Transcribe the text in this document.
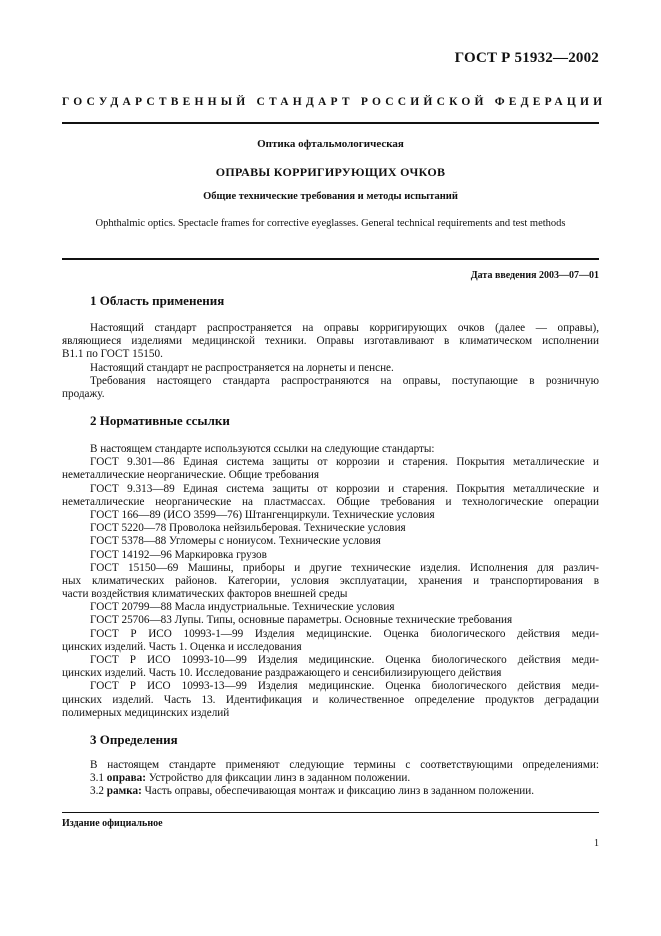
ГОСТ Р 51932—2002
ГОСУДАРСТВЕННЫЙ СТАНДАРТ РОССИЙСКОЙ ФЕДЕРАЦИИ
Оптика офтальмологическая
ОПРАВЫ КОРРИГИРУЮЩИХ ОЧКОВ
Общие технические требования и методы испытаний
Ophthalmic optics. Spectacle frames for corrective eyeglasses. General technical requirements and test methods
Дата введения 2003—07—01
1 Область применения
Настоящий стандарт распространяется на оправы корригирующих очков (далее — оправы),
являющиеся изделиями медицинской техники. Оправы изготавливают в климатическом исполнении
В1.1 по ГОСТ 15150.
Настоящий стандарт не распространяется на лорнеты и пенсне.
Требования настоящего стандарта распространяются на оправы, поступающие в розничную
продажу.
2 Нормативные ссылки
В настоящем стандарте используются ссылки на следующие стандарты:
ГОСТ 9.301—86 Единая система защиты от коррозии и старения. Покрытия металлические и
неметаллические неорганические. Общие требования
ГОСТ 9.313—89 Единая система защиты от коррозии и старения. Покрытия металлические и
неметаллические неорганические на пластмассах. Общие требования и технологические операции
ГОСТ 166—89 (ИСО 3599—76) Штангенциркули. Технические условия
ГОСТ 5220—78 Проволока нейзильберовая. Технические условия
ГОСТ 5378—88 Угломеры с нониусом. Технические условия
ГОСТ 14192—96 Маркировка грузов
ГОСТ 15150—69 Машины, приборы и другие технические изделия. Исполнения для различ-
ных климатических районов. Категории, условия эксплуатации, хранения и транспортирования в
части воздействия климатических факторов внешней среды
ГОСТ 20799—88 Масла индустриальные. Технические условия
ГОСТ 25706—83 Лупы. Типы, основные параметры. Основные технические требования
ГОСТ Р ИСО 10993-1—99 Изделия медицинские. Оценка биологического действия меди-
цинских изделий. Часть 1. Оценка и исследования
ГОСТ Р ИСО 10993-10—99 Изделия медицинские. Оценка биологического действия меди-
цинских изделий. Часть 10. Исследование раздражающего и сенсибилизирующего действия
ГОСТ Р ИСО 10993-13—99 Изделия медицинские. Оценка биологического действия меди-
цинских изделий. Часть 13. Идентификация и количественное определение продуктов деградации
полимерных медицинских изделий
3 Определения
В настоящем стандарте применяют следующие термины с соответствующими определениями:
3.1 оправа: Устройство для фиксации линз в заданном положении.
3.2 рамка: Часть оправы, обеспечивающая монтаж и фиксацию линз в заданном положении.
Издание официальное
1
